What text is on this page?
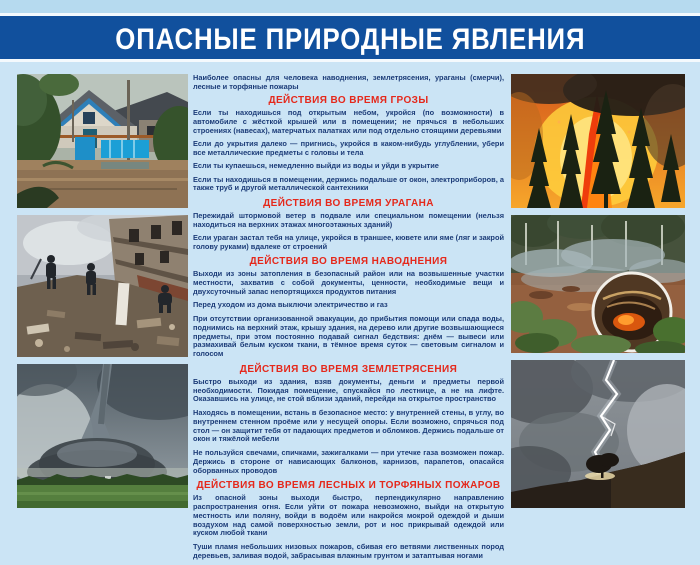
ОПАСНЫЕ ПРИРОДНЫЕ ЯВЛЕНИЯ

Наиболее опасны для человека наводнения, землетрясения, ураганы (смерчи), лесные и торфяные пожары

ДЕЙСТВИЯ ВО ВРЕМЯ ГРОЗЫ

Если ты находишься под открытым небом, укройся (по возможности) в автомобиле с жёсткой крышей или в помещении; не прячься в небольших строениях (навесах), матерчатых палатках или под отдельно стоящими деревьями

Если до укрытия далеко — пригнись, укройся в каком-нибудь углублении, убери все металлические предметы с головы и тела

Если ты купаешься, немедленно выйди из воды и уйди в укрытие

Если ты находишься в помещении, держись подальше от окон, электроприборов, а также труб и другой металлической сантехники

ДЕЙСТВИЯ ВО ВРЕМЯ УРАГАНА

Пережидай штормовой ветер в подвале или специальном помещении (нельзя находиться на верхних этажах многоэтажных зданий)

Если ураган застал тебя на улице, укройся в траншее, кювете или яме (ляг и закрой голову руками) вдалеке от строений

ДЕЙСТВИЯ ВО ВРЕМЯ НАВОДНЕНИЯ

Выходи из зоны затопления в безопасный район или на возвышенные участки местности, захватив с собой документы, ценности, необходимые вещи и двухсуточный запас непортящихся продуктов питания

Перед уходом из дома выключи электричество и газ

При отсутствии организованной эвакуации, до прибытия помощи или спада воды, поднимись на верхний этаж, крышу здания, на дерево или другие возвышающиеся предметы, при этом постоянно подавай сигнал бедствия: днём — вывеси или размахивай белым куском ткани, в тёмное время суток — световым сигналом и голосом

ДЕЙСТВИЯ ВО ВРЕМЯ ЗЕМЛЕТРЯСЕНИЯ

Быстро выходи из здания, взяв документы, деньги и предметы первой необходимости. Покидая помещение, спускайся по лестнице, а не на лифте. Оказавшись на улице, не стой вблизи зданий, перейди на открытое пространство

Находясь в помещении, встань в безопасное место: у внутренней стены, в углу, во внутреннем стенном проёме или у несущей опоры. Если возможно, спрячься под стол — он защитит тебя от падающих предметов и обломков. Держись подальше от окон и тяжёлой мебели

Не пользуйся свечами, спичками, зажигалками — при утечке газа возможен пожар. Держись в стороне от нависающих балконов, карнизов, парапетов, опасайся оборванных проводов

ДЕЙСТВИЯ ВО ВРЕМЯ ЛЕСНЫХ И ТОРФЯНЫХ ПОЖАРОВ

Из опасной зоны выходи быстро, перпендикулярно направлению распространения огня. Если уйти от пожара невозможно, выйди на открытую местность или поляну, войди в водоём или накройся мокрой одеждой и дыши воздухом над самой поверхностью земли, рот и нос прикрывай одеждой или куском любой ткани

Туши пламя небольших низовых пожаров, сбивая его ветвями лиственных пород деревьев, заливая водой, забрасывая влажным грунтом и затаптывая ногами
